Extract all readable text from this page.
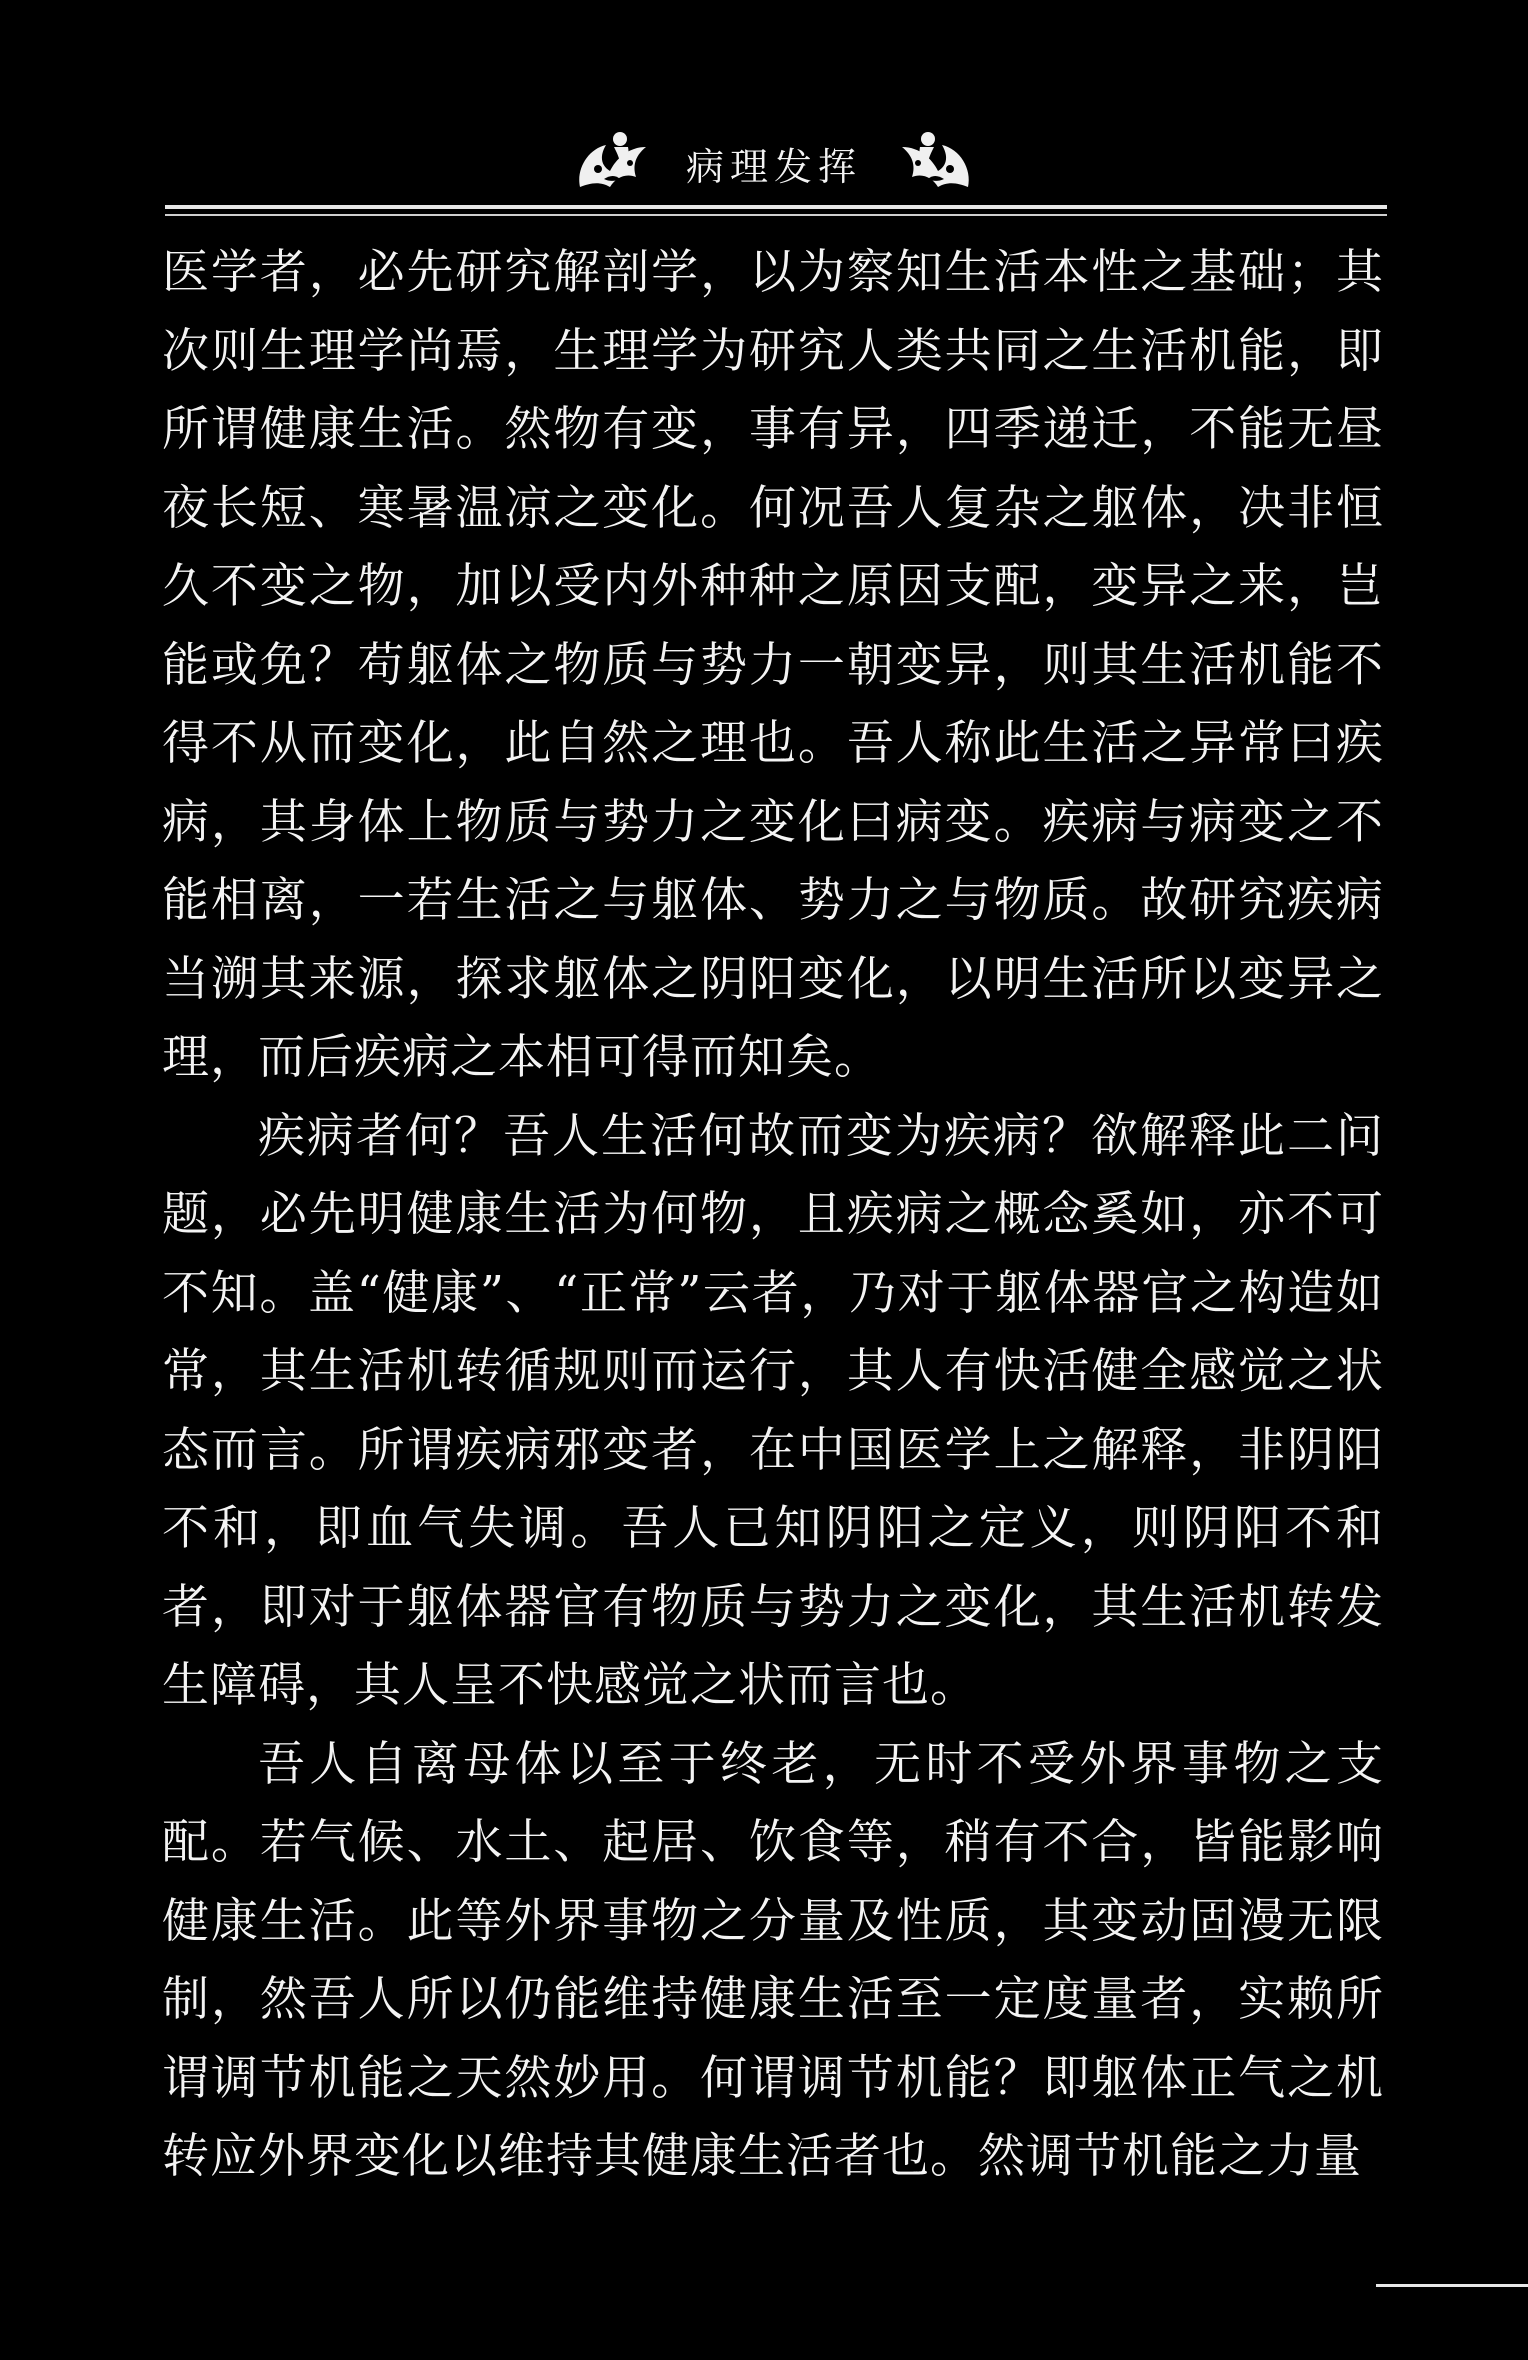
病理发挥

医学者，必先研究解剖学，以为察知生活本性之基础；其次则生理学尚焉，生理学为研究人类共同之生活机能，即所谓健康生活。然物有变，事有异，四季递迁，不能无昼夜长短、寒暑温凉之变化。何况吾人复杂之躯体，决非恒久不变之物，加以受内外种种之原因支配，变异之来，岂能或免？苟躯体之物质与势力一朝变异，则其生活机能不得不从而变化，此自然之理也。吾人称此生活之异常曰疾病，其身体上物质与势力之变化曰病变。疾病与病变之不能相离，一若生活之与躯体、势力之与物质。故研究疾病当溯其来源，探求躯体之阴阳变化，以明生活所以变异之理，而后疾病之本相可得而知矣。

疾病者何？吾人生活何故而变为疾病？欲解释此二问题，必先明健康生活为何物，且疾病之概念奚如，亦不可不知。盖“健康”、“正常”云者，乃对于躯体器官之构造如常，其生活机转循规则而运行，其人有快活健全感觉之状态而言。所谓疾病邪变者，在中国医学上之解释，非阴阳不和，即血气失调。吾人已知阴阳之定义，则阴阳不和者，即对于躯体器官有物质与势力之变化，其生活机转发生障碍，其人呈不快感觉之状而言也。

吾人自离母体以至于终老，无时不受外界事物之支配。若气候、水土、起居、饮食等，稍有不合，皆能影响健康生活。此等外界事物之分量及性质，其变动固漫无限制，然吾人所以仍能维持健康生活至一定度量者，实赖所谓调节机能之天然妙用。何谓调节机能？即躯体正气之机转应外界变化以维持其健康生活者也。然调节机能之力量
